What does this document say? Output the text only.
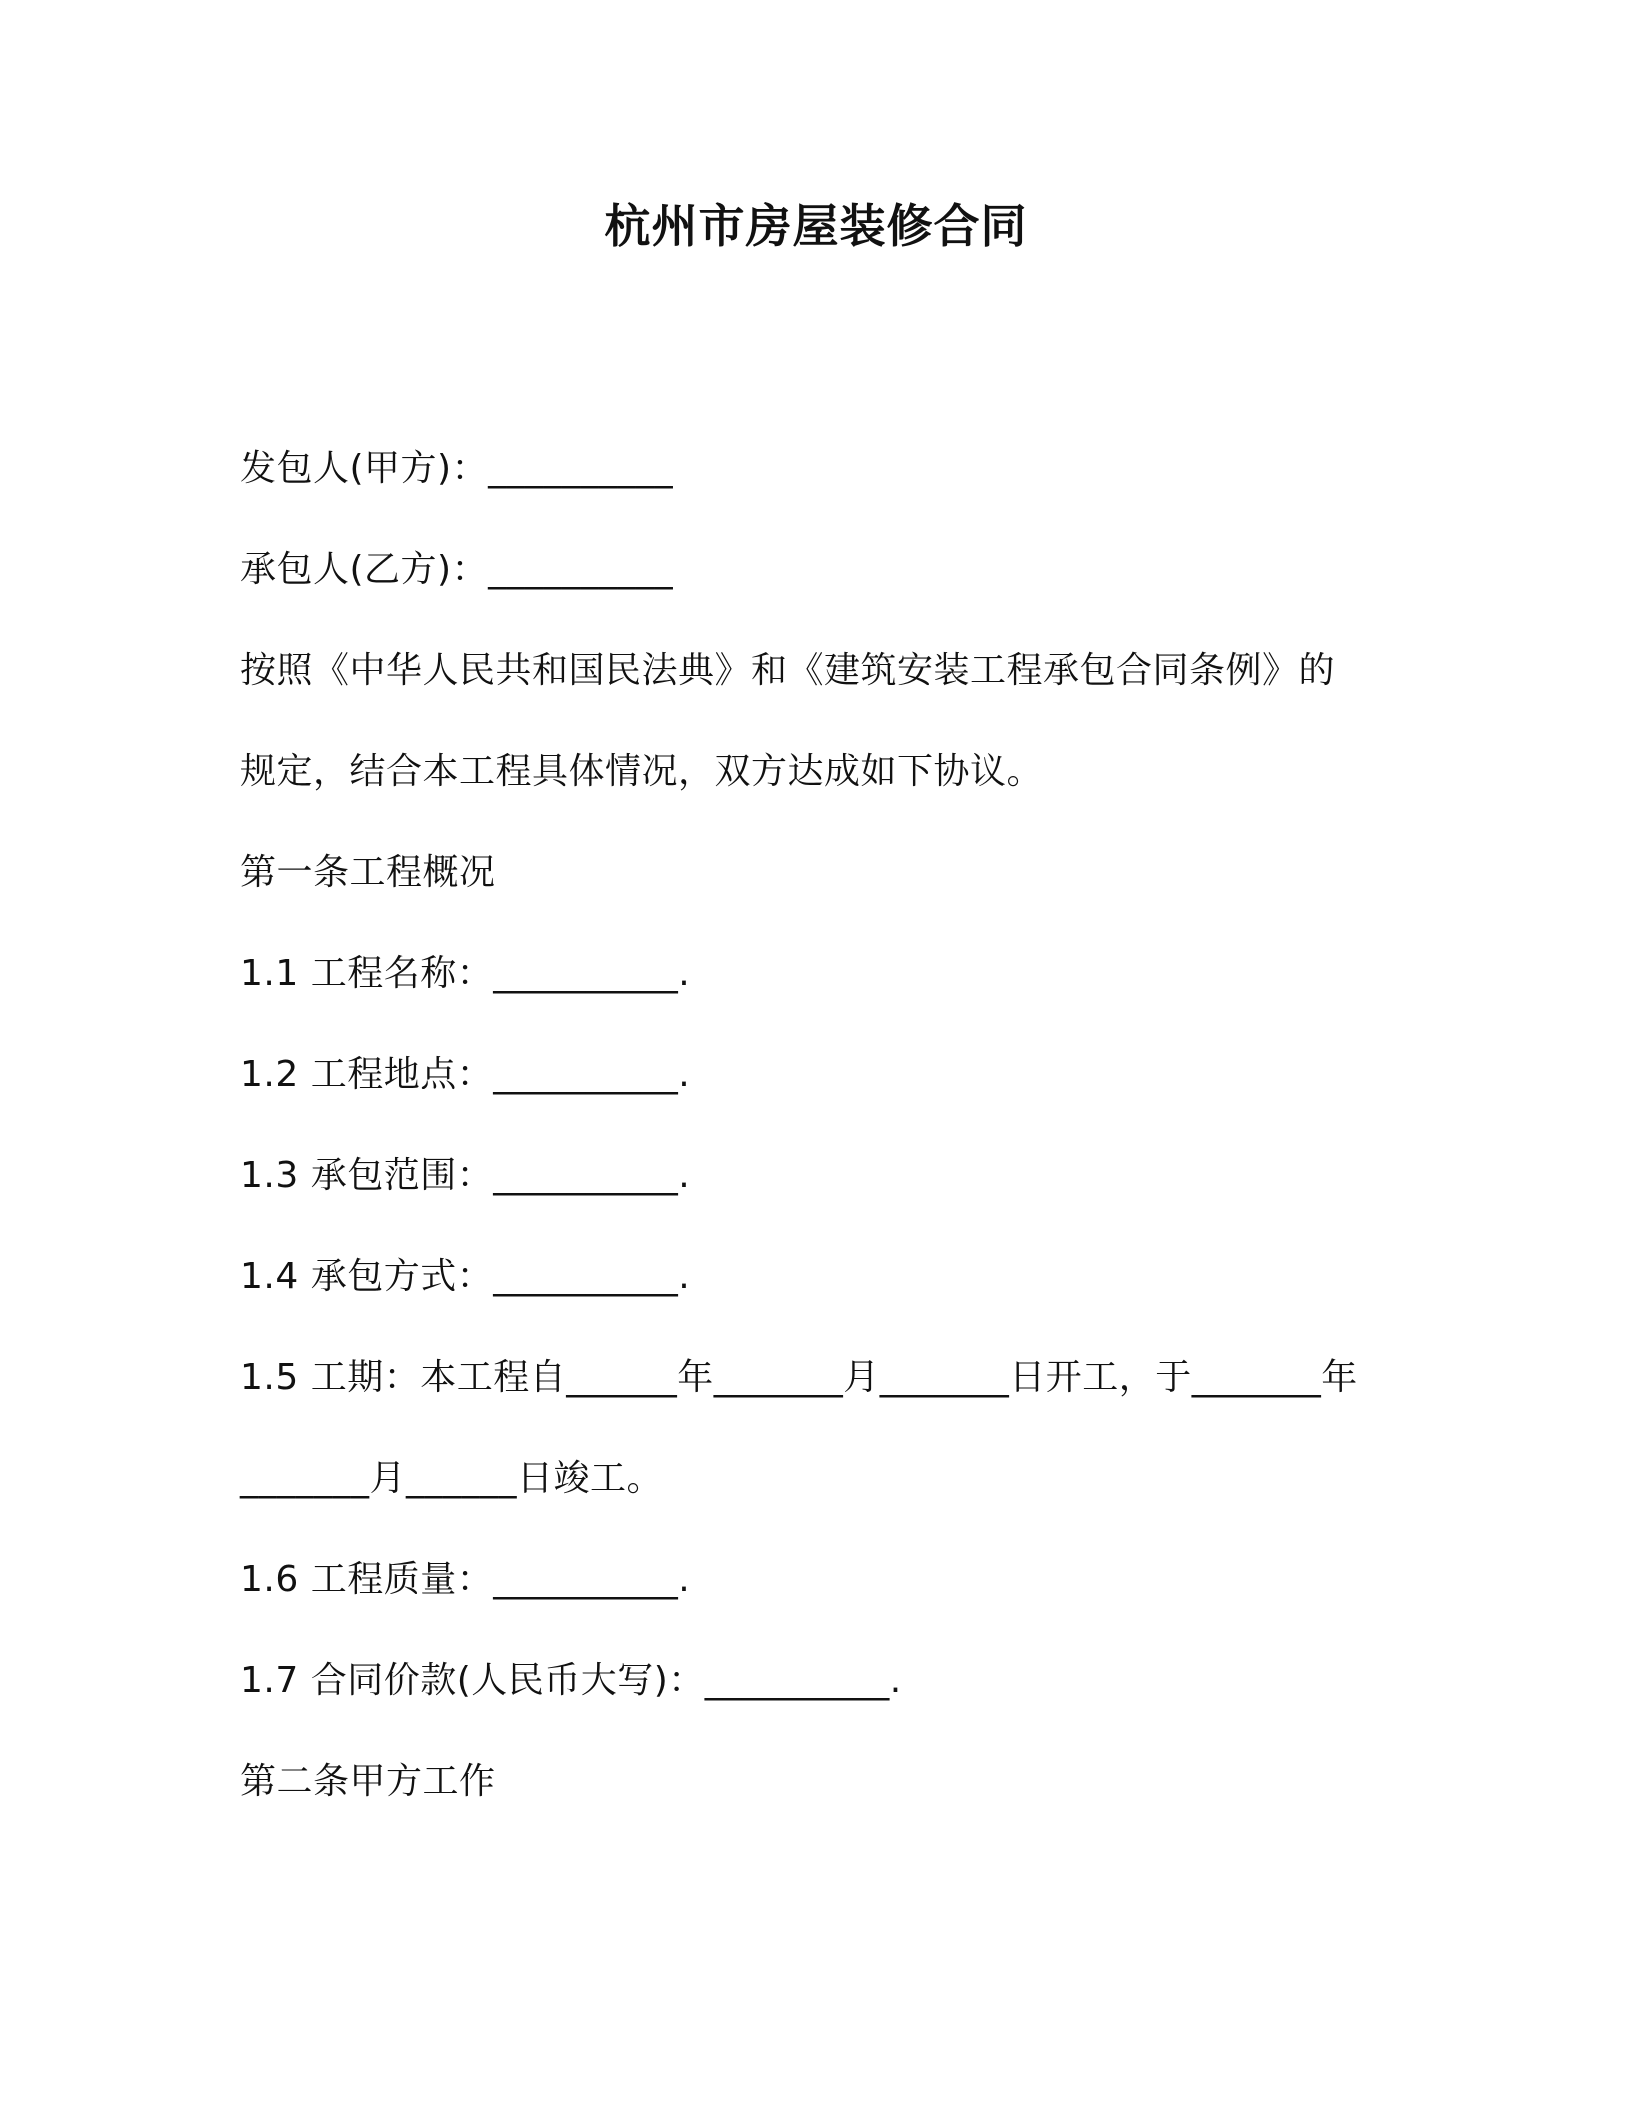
杭州市房屋装修合同
发包人(甲方)：__________
承包人(乙方)：__________
按照《中华人民共和国民法典》和《建筑安装工程承包合同条例》的
规定，结合本工程具体情况，双方达成如下协议。
第一条工程概况
1.1 工程名称：__________.
1.2 工程地点：__________.
1.3 承包范围：__________.
1.4 承包方式：__________.
1.5 工期：本工程自______年_______月_______日开工，于_______年
_______月______日竣工。
1.6 工程质量：__________.
1.7 合同价款(人民币大写)：__________.
第二条甲方工作
